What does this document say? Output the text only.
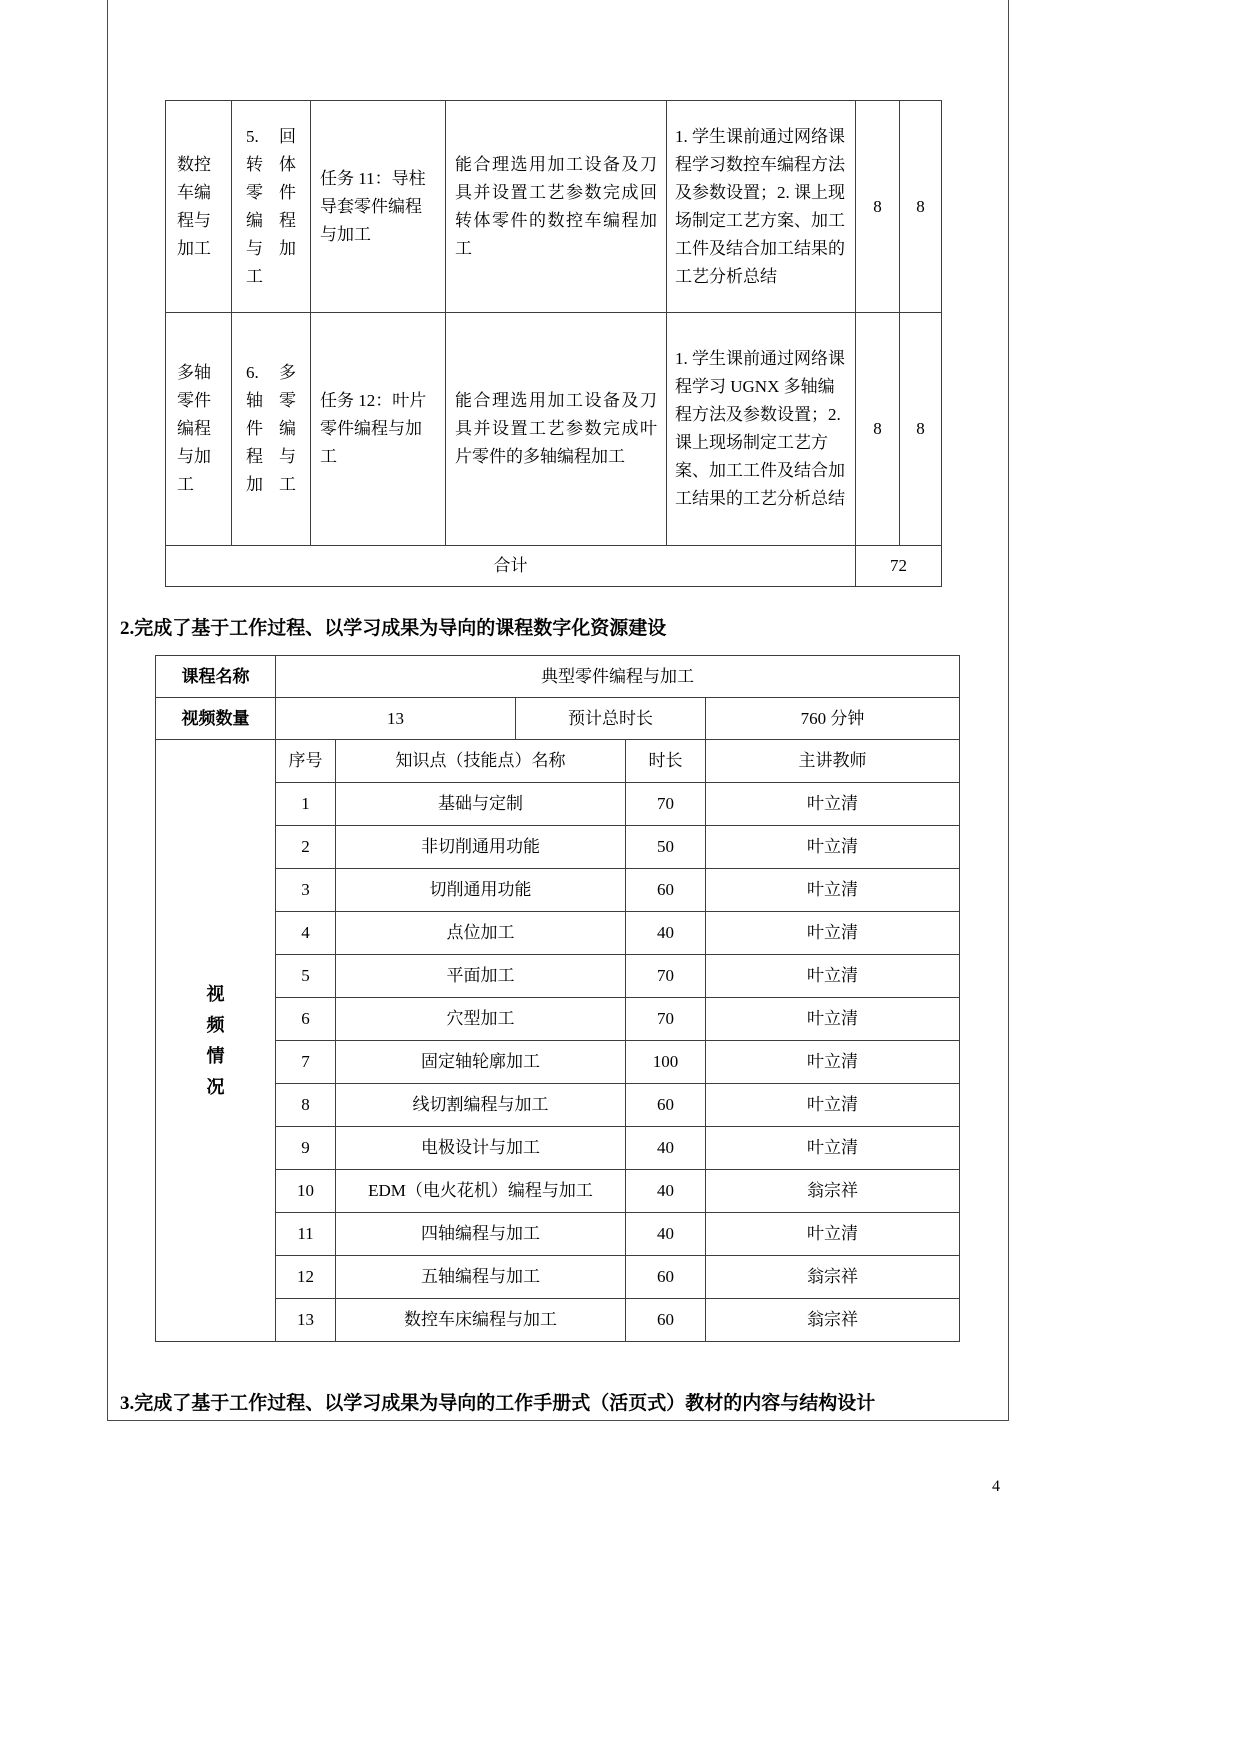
数控车编程与加工	5. 回转体零件编程与加工	任务 11：导柱导套零件编程与加工	能合理选用加工设备及刀具并设置工艺参数完成回转体零件的数控车编程加工	1. 学生课前通过网络课程学习数控车编程方法及参数设置；2. 课上现场制定工艺方案、加工工件及结合加工结果的工艺分析总结	8	8
多轴零件编程与加工	6. 多轴零件编程与加工	任务 12：叶片零件编程与加工	能合理选用加工设备及刀具并设置工艺参数完成叶片零件的多轴编程加工	1. 学生课前通过网络课程学习 UGNX 多轴编程方法及参数设置；2. 课上现场制定工艺方案、加工工件及结合加工结果的工艺分析总结	8	8
合计					72	
2.完成了基于工作过程、以学习成果为导向的课程数字化资源建设
课程名称	典型零件编程与加工				
视频数量	13		预计总时长		760 分钟

视频情况	序号	知识点（技能点）名称		时长	主讲教师
	1	基础与定制		70	叶立清
	2	非切削通用功能		50	叶立清
	3	切削通用功能		60	叶立清
	4	点位加工		40	叶立清
	5	平面加工		70	叶立清
	6	穴型加工		70	叶立清
	7	固定轴轮廓加工		100	叶立清
	8	线切割编程与加工		60	叶立清
	9	电极设计与加工		40	叶立清
	10	EDM（电火花机）编程与加工		40	翁宗祥
	11	四轴编程与加工		40	叶立清
	12	五轴编程与加工		60	翁宗祥
	13	数控车床编程与加工		60	翁宗祥
3.完成了基于工作过程、以学习成果为导向的工作手册式（活页式）教材的内容与结构设计
4
